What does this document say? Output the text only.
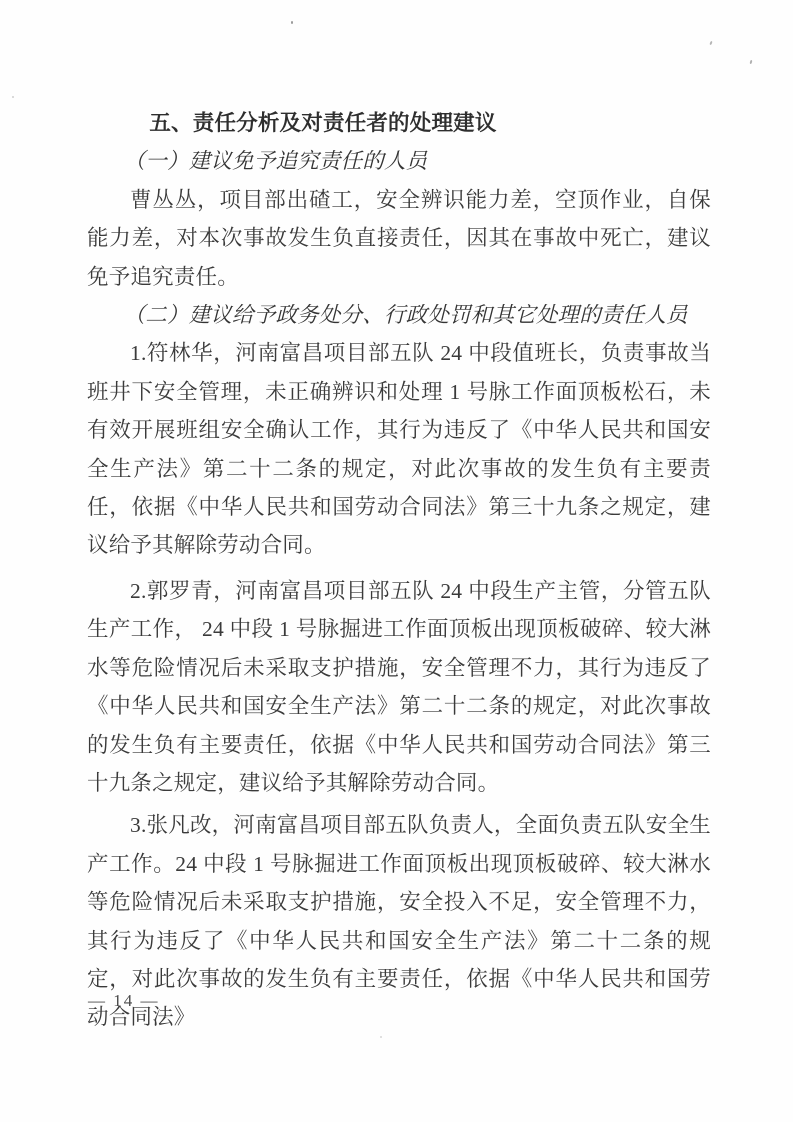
五、责任分析及对责任者的处理建议

（一）建议免予追究责任的人员

曹丛丛，项目部出碴工，安全辨识能力差，空顶作业，自保能力差，对本次事故发生负直接责任，因其在事故中死亡，建议免予追究责任。

（二）建议给予政务处分、行政处罚和其它处理的责任人员

1.符林华，河南富昌项目部五队 24 中段值班长，负责事故当班井下安全管理，未正确辨识和处理 1 号脉工作面顶板松石，未有效开展班组安全确认工作，其行为违反了《中华人民共和国安全生产法》第二十二条的规定，对此次事故的发生负有主要责任，依据《中华人民共和国劳动合同法》第三十九条之规定，建议给予其解除劳动合同。

2.郭罗青，河南富昌项目部五队 24 中段生产主管，分管五队生产工作， 24 中段 1 号脉掘进工作面顶板出现顶板破碎、较大淋水等危险情况后未采取支护措施，安全管理不力，其行为违反了《中华人民共和国安全生产法》第二十二条的规定，对此次事故的发生负有主要责任，依据《中华人民共和国劳动合同法》第三十九条之规定，建议给予其解除劳动合同。

3.张凡改，河南富昌项目部五队负责人，全面负责五队安全生产工作。24 中段 1 号脉掘进工作面顶板出现顶板破碎、较大淋水等危险情况后未采取支护措施，安全投入不足，安全管理不力，其行为违反了《中华人民共和国安全生产法》第二十二条的规定，对此次事故的发生负有主要责任，依据《中华人民共和国劳动合同法》

— 14 —
